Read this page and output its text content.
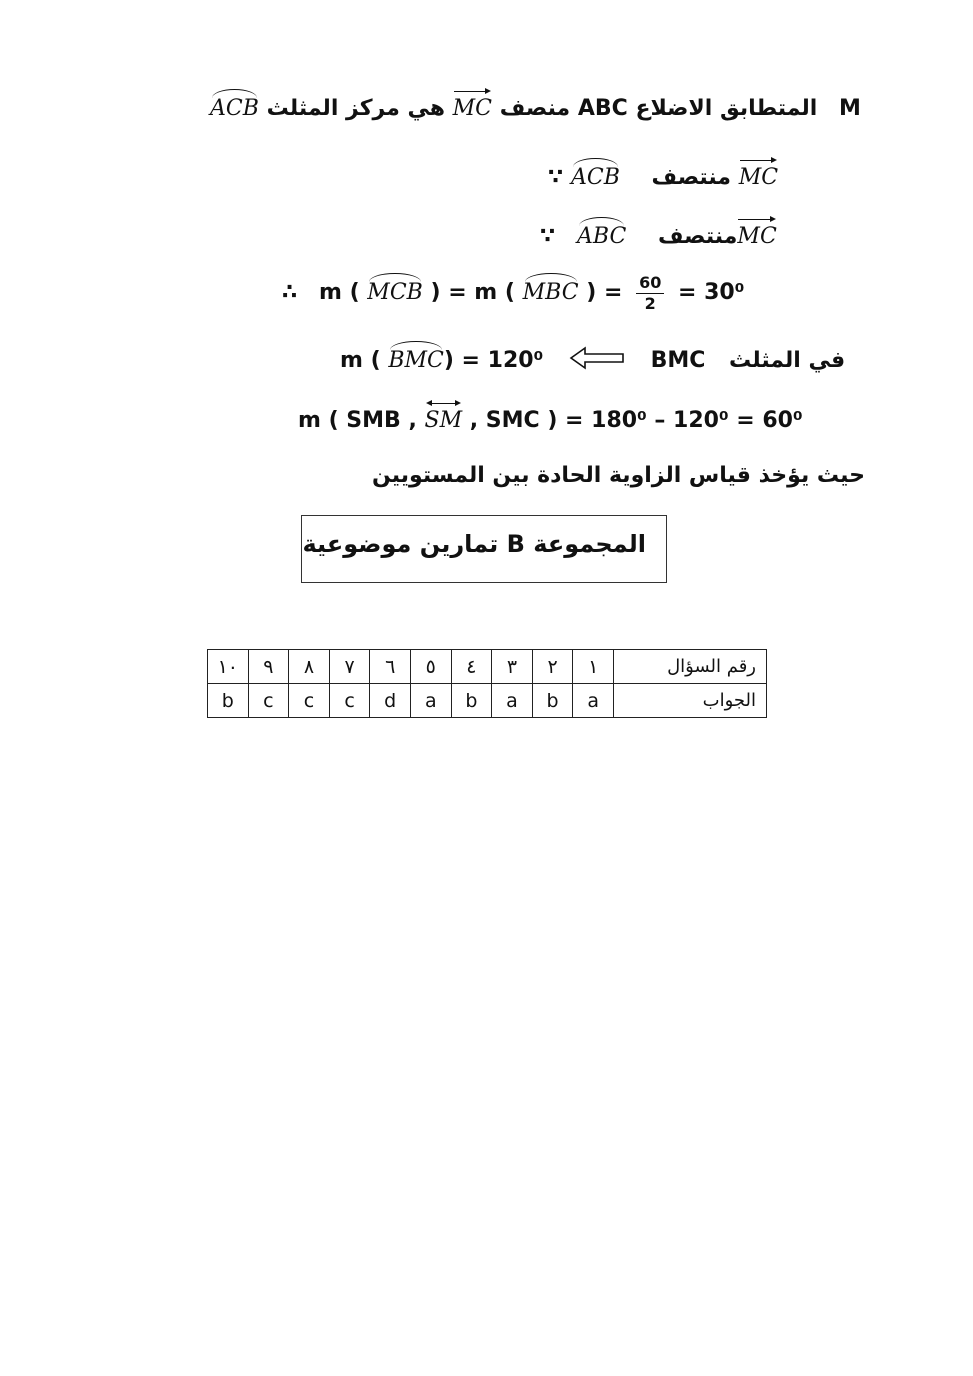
ACB	منصف MC هي مركز المثلث ABC المتطابق الاضلاع M
∵ ACB منتصف MC
∵ ABC منتصفMC
∴ m ( MCB ) = m ( MBC ) = $\frac{60}{2} = 30^0$
m ( BMC) = 120⁰	BMC في المثلث
m ( SMB , SM , SMC ) = 180⁰ – 120⁰ = 60⁰
حيث يؤخذ قياس الزاوية الحادة بين المستويين
المجموعة B تمارين موضوعية
١٠	٩	٨	٧	٦	٥	٤	٣	٢	١	رقم السؤال
b	c	c	c	d	a	b	a	b	a	الجواب
